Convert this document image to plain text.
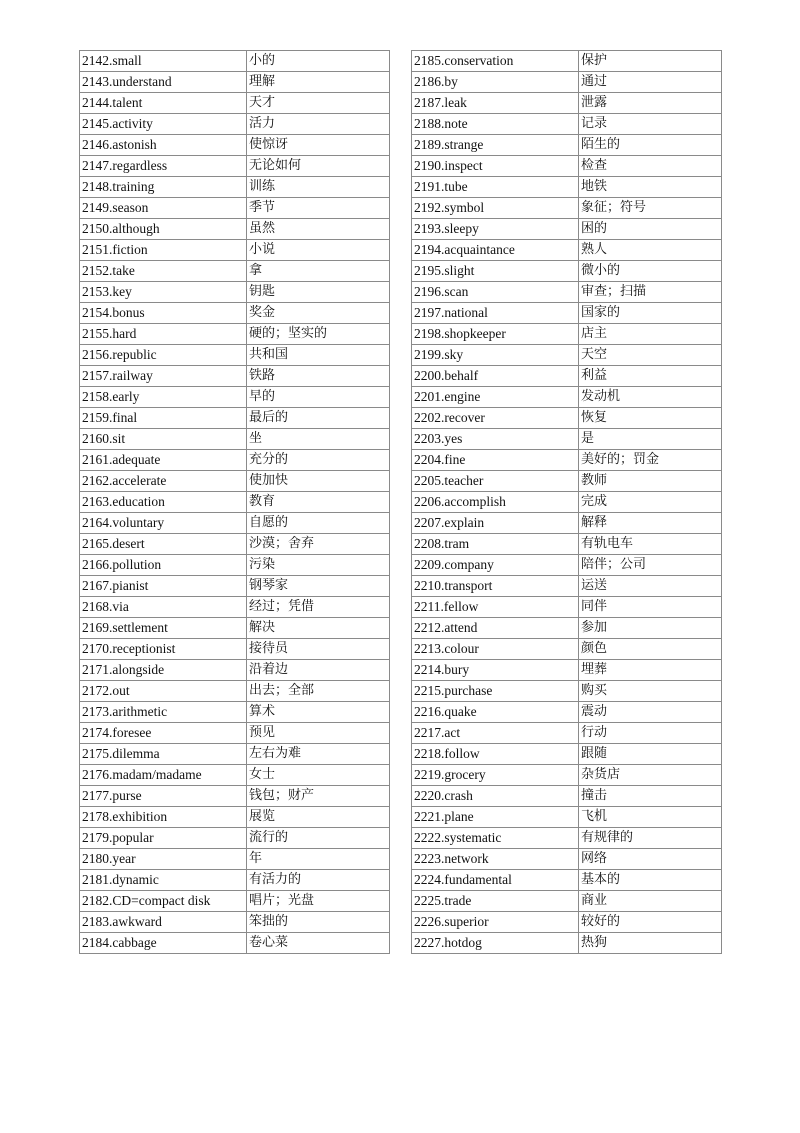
2142.small	小的
2143.understand	理解
2144.talent	天才
2145.activity	活力
2146.astonish	使惊讶
2147.regardless	无论如何
2148.training	训练
2149.season	季节
2150.although	虽然
2151.fiction	小说
2152.take	拿
2153.key	钥匙
2154.bonus	奖金
2155.hard	硬的；坚实的
2156.republic	共和国
2157.railway	铁路
2158.early	早的
2159.final	最后的
2160.sit	坐
2161.adequate	充分的
2162.accelerate	使加快
2163.education	教育
2164.voluntary	自愿的
2165.desert	沙漠；舍弃
2166.pollution	污染
2167.pianist	钢琴家
2168.via	经过；凭借
2169.settlement	解决
2170.receptionist	接待员
2171.alongside	沿着边
2172.out	出去；全部
2173.arithmetic	算术
2174.foresee	预见
2175.dilemma	左右为难
2176.madam/madame	女士
2177.purse	钱包；财产
2178.exhibition	展览
2179.popular	流行的
2180.year	年
2181.dynamic	有活力的
2182.CD=compact disk	唱片；光盘
2183.awkward	笨拙的
2184.cabbage	卷心菜
2185.conservation	保护
2186.by	通过
2187.leak	泄露
2188.note	记录
2189.strange	陌生的
2190.inspect	检查
2191.tube	地铁
2192.symbol	象征；符号
2193.sleepy	困的
2194.acquaintance	熟人
2195.slight	微小的
2196.scan	审查；扫描
2197.national	国家的
2198.shopkeeper	店主
2199.sky	天空
2200.behalf	利益
2201.engine	发动机
2202.recover	恢复
2203.yes	是
2204.fine	美好的；罚金
2205.teacher	教师
2206.accomplish	完成
2207.explain	解释
2208.tram	有轨电车
2209.company	陪伴；公司
2210.transport	运送
2211.fellow	同伴
2212.attend	参加
2213.colour	颜色
2214.bury	埋葬
2215.purchase	购买
2216.quake	震动
2217.act	行动
2218.follow	跟随
2219.grocery	杂货店
2220.crash	撞击
2221.plane	飞机
2222.systematic	有规律的
2223.network	网络
2224.fundamental	基本的
2225.trade	商业
2226.superior	较好的
2227.hotdog	热狗
